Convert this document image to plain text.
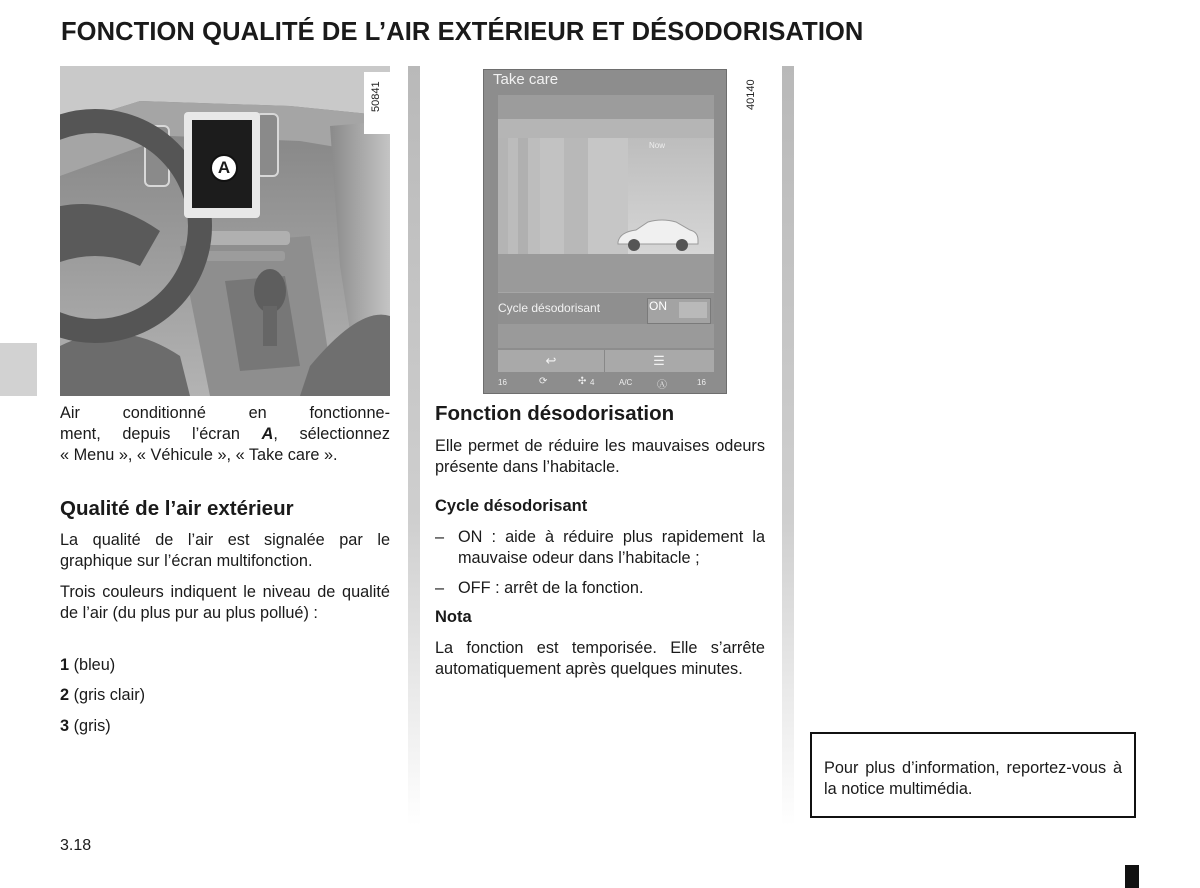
FONCTION QUALITÉ DE L’AIR EXTÉRIEUR ET DÉSODORISATION
A
50841
Air conditionné en fonctionne-
ment, depuis l’écran A, sélectionnez
« Menu », « Véhicule », « Take care ».
Qualité de l’air extérieur
La qualité de l’air est signalée par le graphique sur l’écran multifonction.
Trois couleurs indiquent le niveau de qualité de l’air (du plus pur au plus pollué) :
1 (bleu)
2 (gris clair)
3 (gris)
3.18
Take care
Now
Cycle désodorisant	ON
↩	☰
16	⟳	✣ 4	A/C Ⓐ	16
40140
Fonction désodorisation
Elle permet de réduire les mauvaises odeurs présente dans l’habitacle.
Cycle désodorisant
– ON : aide à réduire plus rapidement la mauvaise odeur dans l’habitacle ;
– OFF : arrêt de la fonction.
Nota
La fonction est temporisée. Elle s’arrête automatiquement après quelques minutes.
Pour plus d’information, reportez-vous à la notice multimédia.
